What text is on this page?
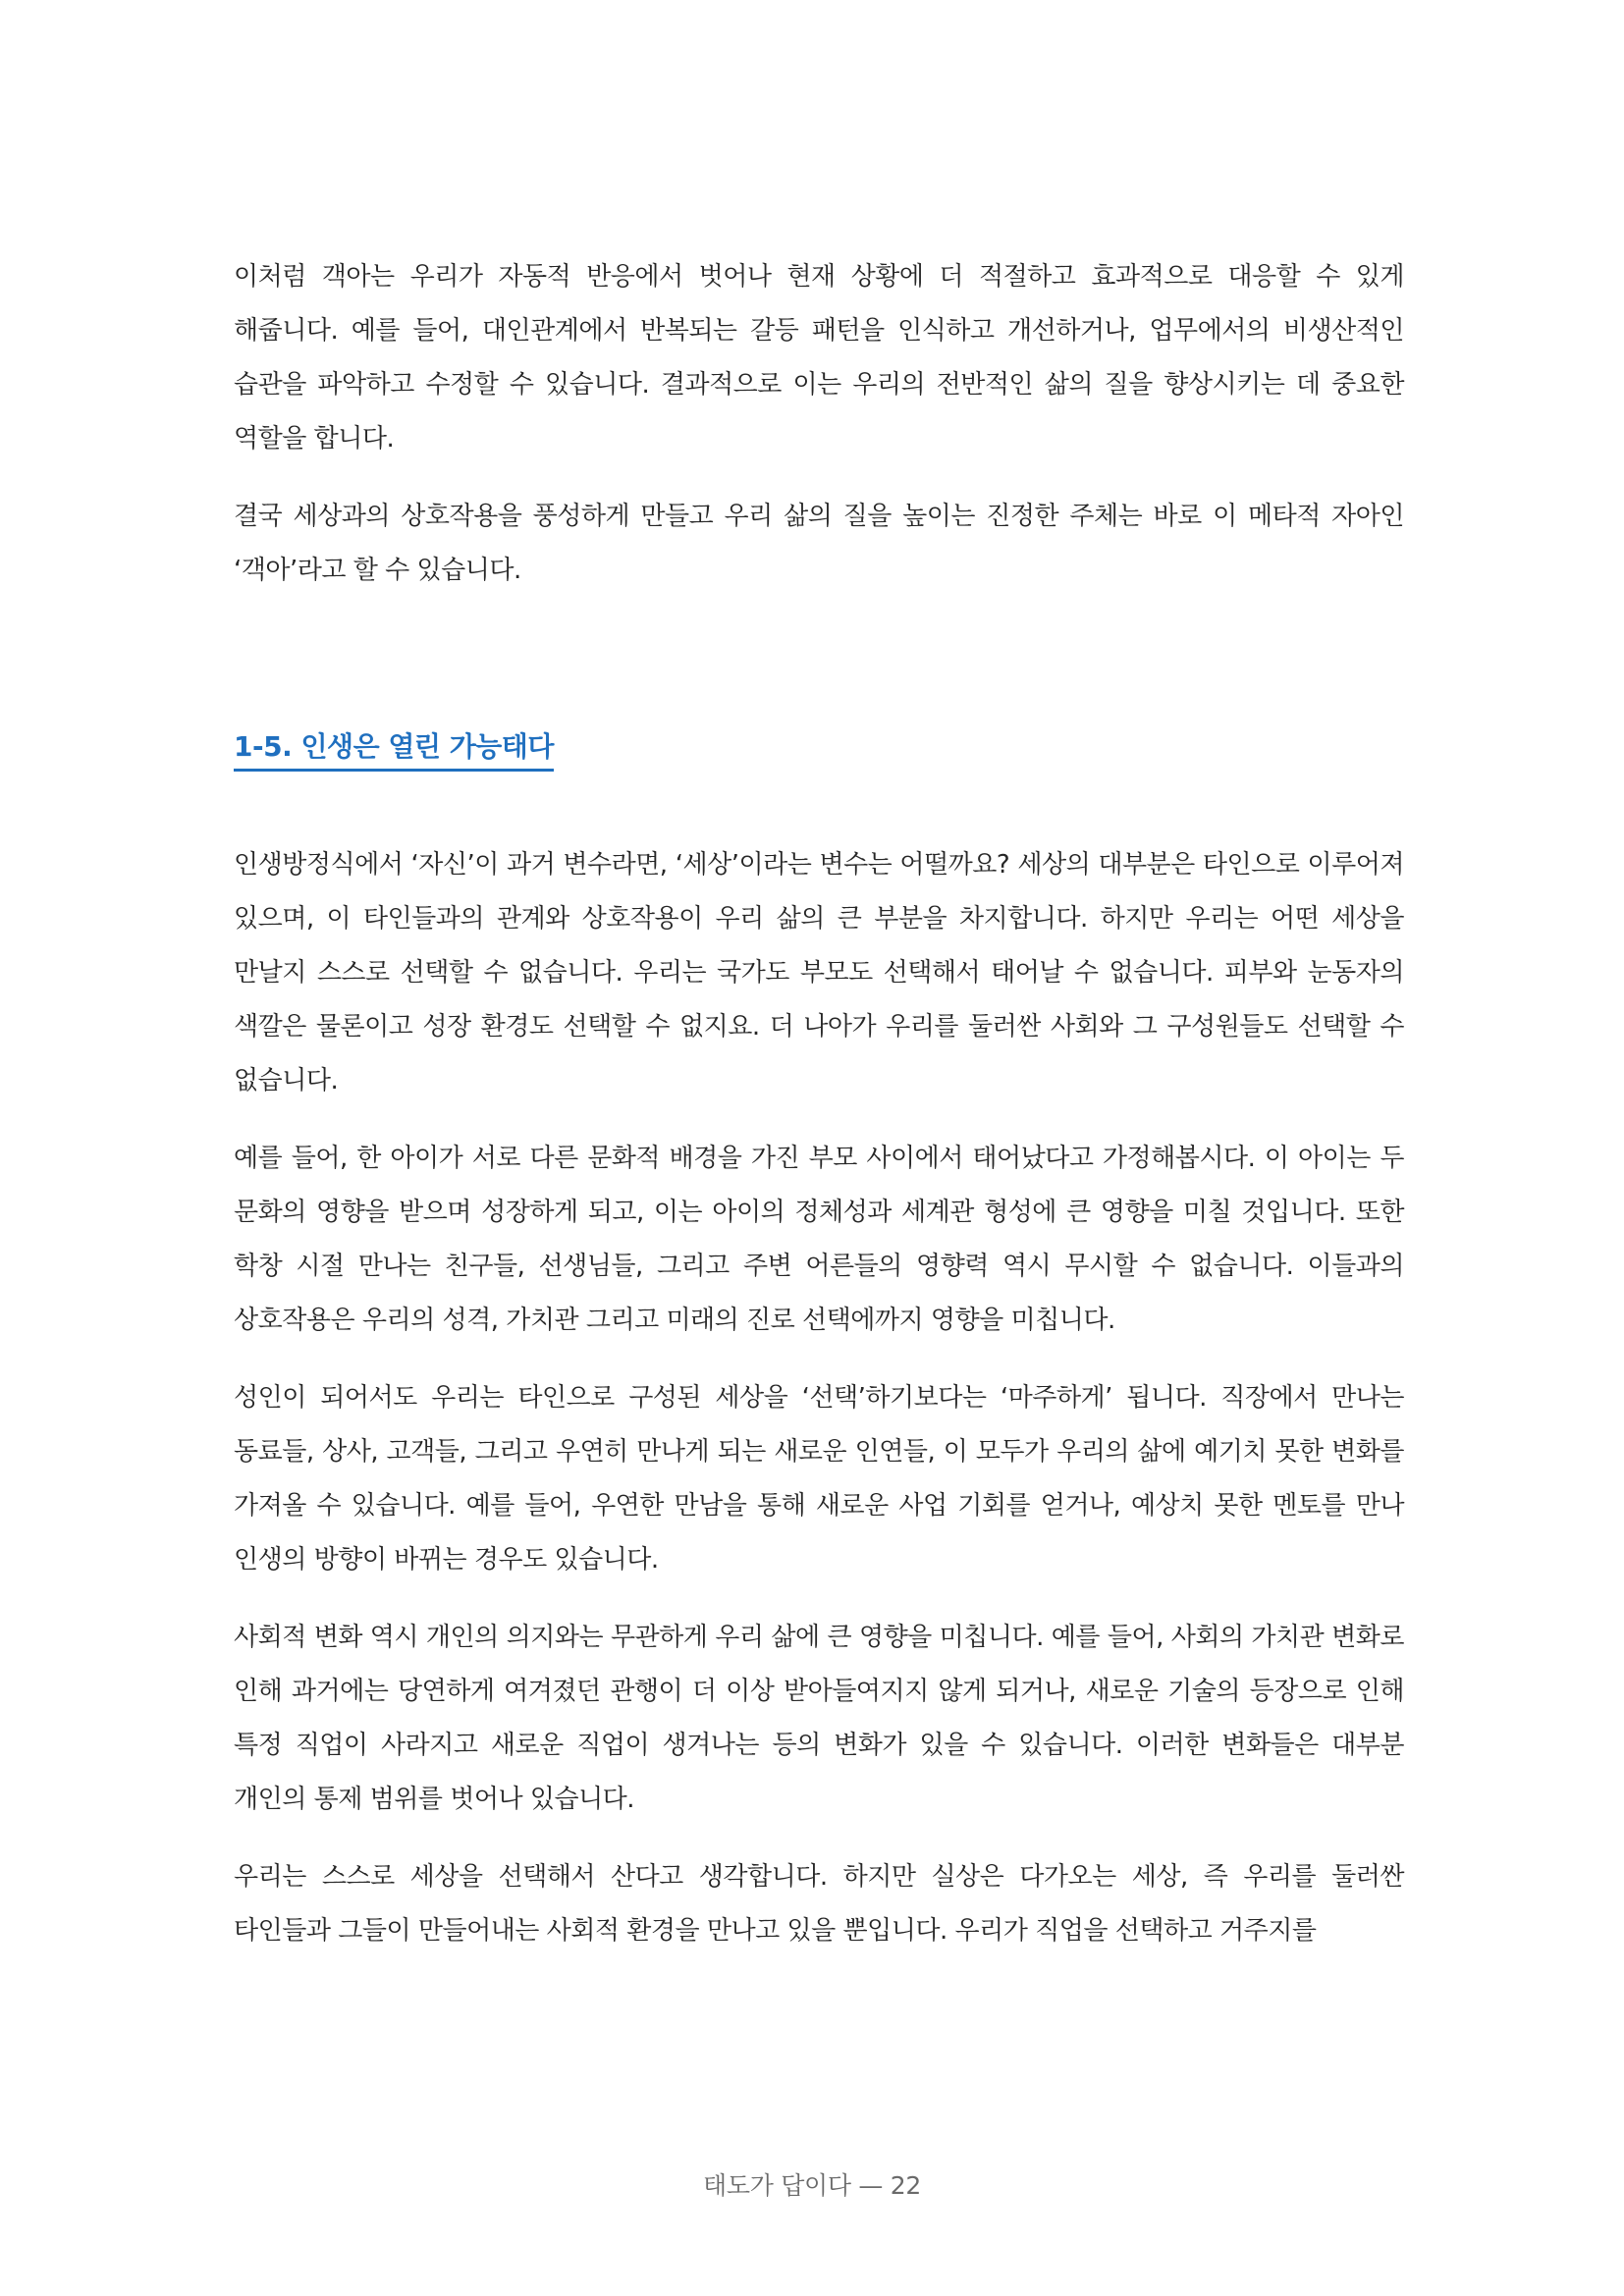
이처럼 객아는 우리가 자동적 반응에서 벗어나 현재 상황에 더 적절하고 효과적으로 대응할 수 있게 해줍니다. 예를 들어, 대인관계에서 반복되는 갈등 패턴을 인식하고 개선하거나, 업무에서의 비생산적인 습관을 파악하고 수정할 수 있습니다. 결과적으로 이는 우리의 전반적인 삶의 질을 향상시키는 데 중요한 역할을 합니다.

결국 세상과의 상호작용을 풍성하게 만들고 우리 삶의 질을 높이는 진정한 주체는 바로 이 메타적 자아인 ‘객아’라고 할 수 있습니다.

1-5. 인생은 열린 가능태다

인생방정식에서 ‘자신’이 과거 변수라면, ‘세상’이라는 변수는 어떨까요? 세상의 대부분은 타인으로 이루어져 있으며, 이 타인들과의 관계와 상호작용이 우리 삶의 큰 부분을 차지합니다. 하지만 우리는 어떤 세상을 만날지 스스로 선택할 수 없습니다. 우리는 국가도 부모도 선택해서 태어날 수 없습니다. 피부와 눈동자의 색깔은 물론이고 성장 환경도 선택할 수 없지요. 더 나아가 우리를 둘러싼 사회와 그 구성원들도 선택할 수 없습니다.

예를 들어, 한 아이가 서로 다른 문화적 배경을 가진 부모 사이에서 태어났다고 가정해봅시다. 이 아이는 두 문화의 영향을 받으며 성장하게 되고, 이는 아이의 정체성과 세계관 형성에 큰 영향을 미칠 것입니다. 또한 학창 시절 만나는 친구들, 선생님들, 그리고 주변 어른들의 영향력 역시 무시할 수 없습니다. 이들과의 상호작용은 우리의 성격, 가치관 그리고 미래의 진로 선택에까지 영향을 미칩니다.

성인이 되어서도 우리는 타인으로 구성된 세상을 ‘선택’하기보다는 ‘마주하게’ 됩니다. 직장에서 만나는 동료들, 상사, 고객들, 그리고 우연히 만나게 되는 새로운 인연들, 이 모두가 우리의 삶에 예기치 못한 변화를 가져올 수 있습니다. 예를 들어, 우연한 만남을 통해 새로운 사업 기회를 얻거나, 예상치 못한 멘토를 만나 인생의 방향이 바뀌는 경우도 있습니다.

사회적 변화 역시 개인의 의지와는 무관하게 우리 삶에 큰 영향을 미칩니다. 예를 들어, 사회의 가치관 변화로 인해 과거에는 당연하게 여겨졌던 관행이 더 이상 받아들여지지 않게 되거나, 새로운 기술의 등장으로 인해 특정 직업이 사라지고 새로운 직업이 생겨나는 등의 변화가 있을 수 있습니다. 이러한 변화들은 대부분 개인의 통제 범위를 벗어나 있습니다.

우리는 스스로 세상을 선택해서 산다고 생각합니다. 하지만 실상은 다가오는 세상, 즉 우리를 둘러싼 타인들과 그들이 만들어내는 사회적 환경을 만나고 있을 뿐입니다. 우리가 직업을 선택하고 거주지를

태도가 답이다 — 22
